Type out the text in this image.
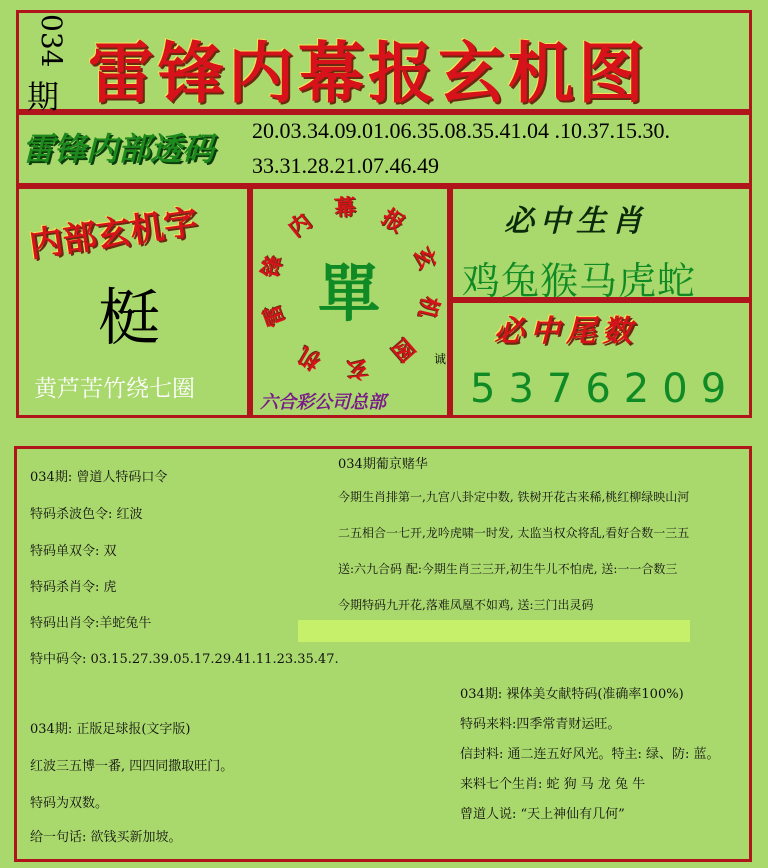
034
期 雷锋内幕报玄机图
雷锋内部透码 20.03.34.09.01.06.35.08.35.41.04 .10.37.15.30.
33.31.28.21.07.46.49
内部玄机字
梃
黄芦苦竹绕七圈
雷
锋
内
幕 报
玄
机
图
玄
机
單
诚
六合彩公司总部
必中生肖
鸡兔猴马虎蛇
必中尾数
5376209
034期: 曾道人特码口令
特码杀波色令: 红波
特码单双令: 双
特码杀肖令: 虎
特码出肖令:羊蛇兔牛
特中码令: 03.15.27.39.05.17.29.41.11.23.35.47.
034期葡京赌华
今期生肖排第一,九宫八卦定中数, 铁树开花古来稀,桃红柳绿映山河
二五相合一七开,龙吟虎啸一时发, 太监当权众将乱,看好合数一三五
送:六九合码 配:今期生肖三三开,初生牛儿不怕虎, 送:一一合数三
今期特码九开花,落难凤凰不如鸡, 送:三门出灵码
034期: 正版足球报(文字版)
红波三五博一番, 四四同撒取旺门。
特码为双数。
给一句话: 欲钱买新加坡。
034期: 裸体美女献特码(准确率100%)
特码来料:四季常青财运旺。
信封料: 通二连五好风光。特主: 绿、防: 蓝。
来料七个生肖: 蛇 狗 马 龙 兔 牛
曾道人说: “天上神仙有几何”
